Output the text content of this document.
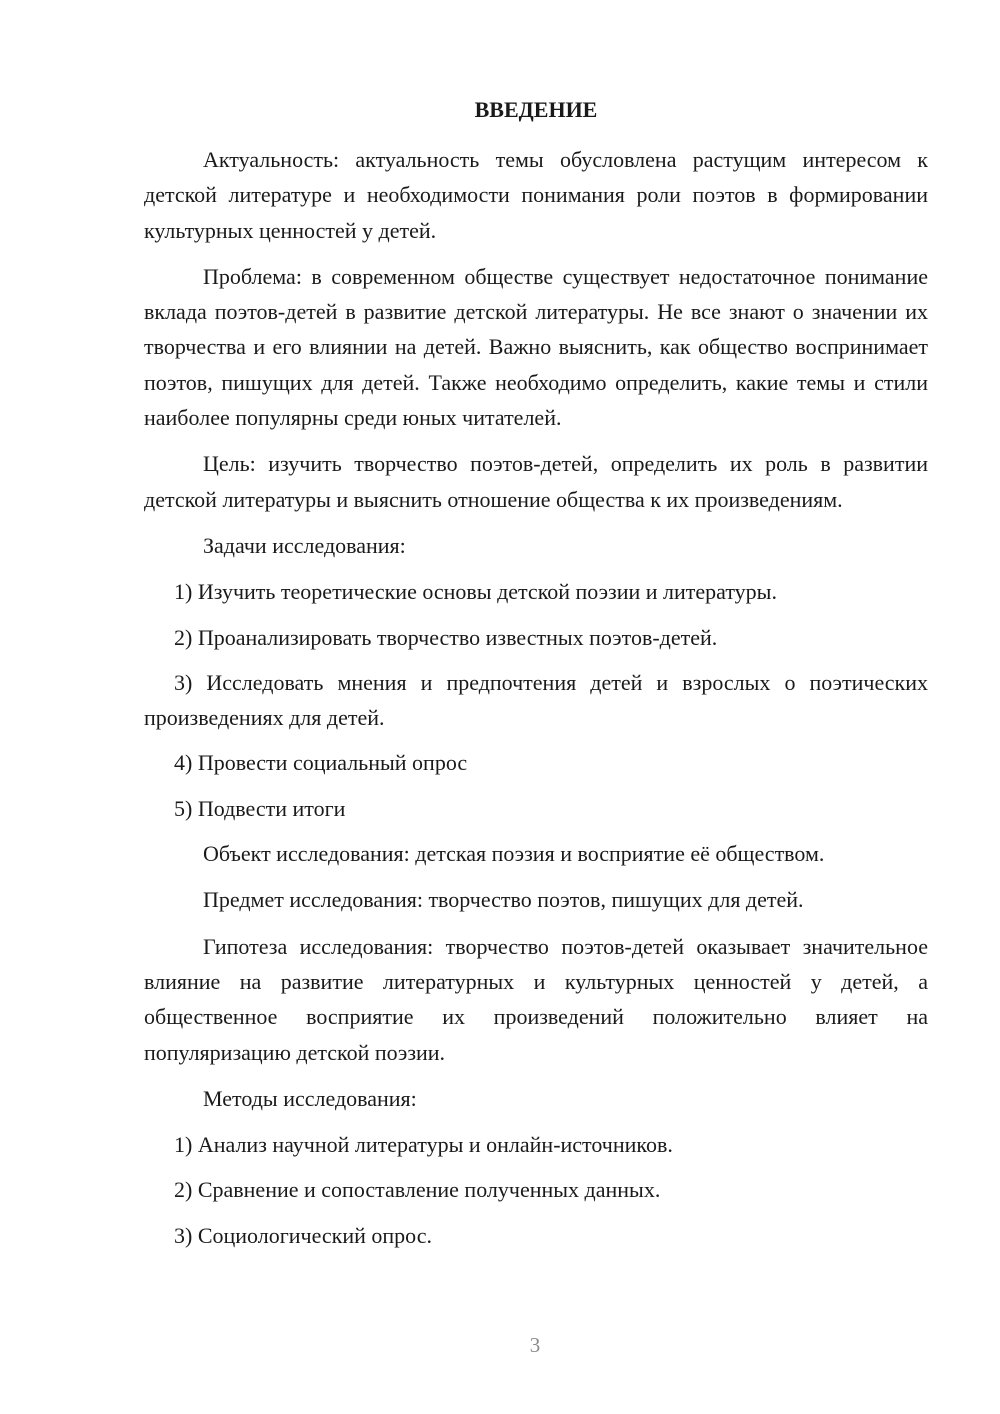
ВВЕДЕНИЕ

Актуальность: актуальность темы обусловлена растущим интересом к детской литературе и необходимости понимания роли поэтов в формировании культурных ценностей у детей.

Проблема: в современном обществе существует недостаточное понимание вклада поэтов-детей в развитие детской литературы. Не все знают о значении их творчества и его влиянии на детей. Важно выяснить, как общество воспринимает поэтов, пишущих для детей. Также необходимо определить, какие темы и стили наиболее популярны среди юных читателей.

Цель: изучить творчество поэтов-детей, определить их роль в развитии детской литературы и выяснить отношение общества к их произведениям.

Задачи исследования:

1) Изучить теоретические основы детской поэзии и литературы.

2) Проанализировать творчество известных поэтов-детей.

3) Исследовать мнения и предпочтения детей и взрослых о поэтических произведениях для детей.

4) Провести социальный опрос

5) Подвести итоги

Объект исследования: детская поэзия и восприятие её обществом.

Предмет исследования: творчество поэтов, пишущих для детей.

Гипотеза исследования: творчество поэтов-детей оказывает значительное влияние на развитие литературных и культурных ценностей у детей, а общественное восприятие их произведений положительно влияет на популяризацию детской поэзии.

Методы исследования:

1) Анализ научной литературы и онлайн-источников.

2) Сравнение и сопоставление полученных данных.

3) Социологический опрос.

3
